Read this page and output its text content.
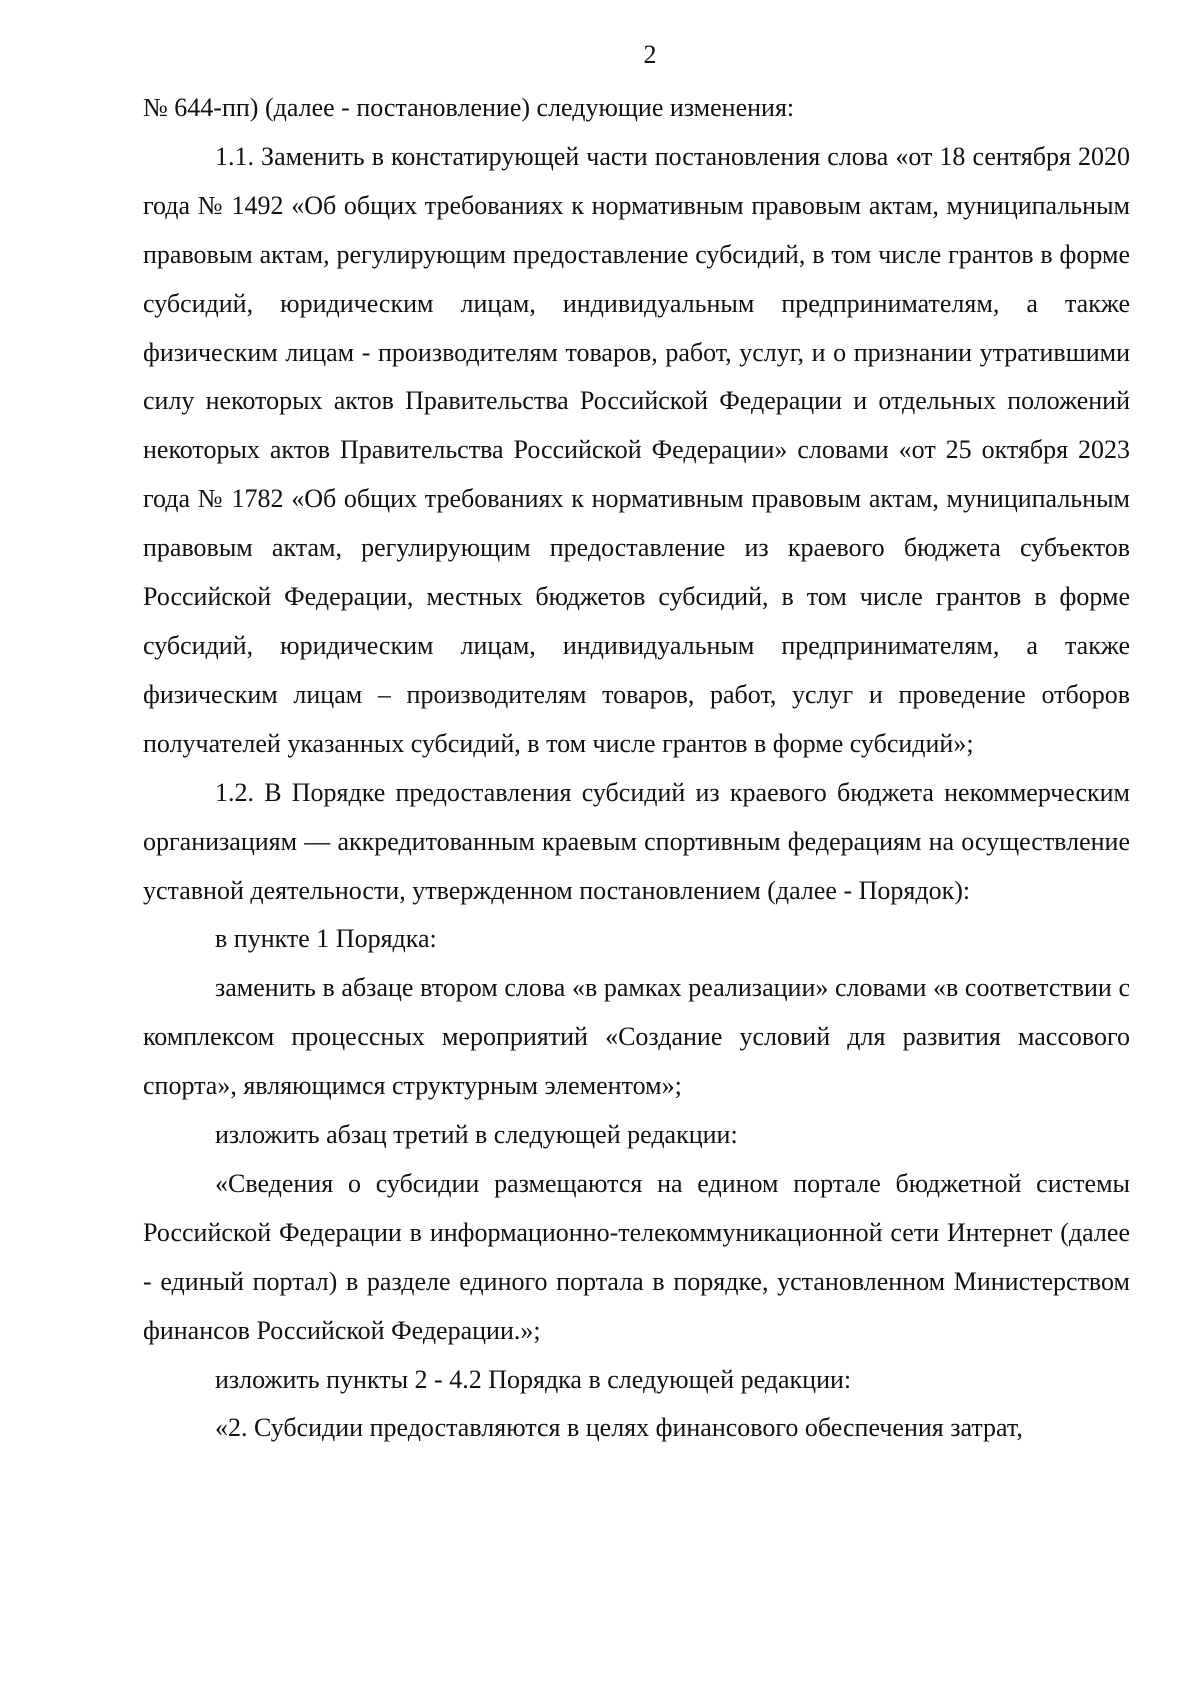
2

№ 644-пп) (далее - постановление) следующие изменения:

1.1. Заменить в констатирующей части постановления слова «от 18 сентября 2020 года № 1492 «Об общих требованиях к нормативным правовым актам, муниципальным правовым актам, регулирующим предоставление субсидий, в том числе грантов в форме субсидий, юридическим лицам, индивидуальным предпринимателям, а также физическим лицам - производителям товаров, работ, услуг, и о признании утратившими силу некоторых актов Правительства Российской Федерации и отдельных положений некоторых актов Правительства Российской Федерации» словами «от 25 октября 2023 года № 1782 «Об общих требованиях к нормативным правовым актам, муниципальным правовым актам, регулирующим предоставление из краевого бюджета субъектов Российской Федерации, местных бюджетов субсидий, в том числе грантов в форме субсидий, юридическим лицам, индивидуальным предпринимателям, а также физическим лицам – производителям товаров, работ, услуг и проведение отборов получателей указанных субсидий, в том числе грантов в форме субсидий»;

1.2. В Порядке предоставления субсидий из краевого бюджета некоммерческим организациям — аккредитованным краевым спортивным федерациям на осуществление уставной деятельности, утвержденном постановлением (далее - Порядок):

в пункте 1 Порядка:

заменить в абзаце втором слова «в рамках реализации» словами «в соответствии с комплексом процессных мероприятий «Создание условий для развития массового спорта», являющимся структурным элементом»;

изложить абзац третий в следующей редакции:

«Сведения о субсидии размещаются на едином портале бюджетной системы Российской Федерации в информационно-телекоммуникационной сети Интернет (далее - единый портал) в разделе единого портала в порядке, установленном Министерством финансов Российской Федерации.»;

изложить пункты 2 - 4.2 Порядка в следующей редакции:

«2. Субсидии предоставляются в целях финансового обеспечения затрат,
